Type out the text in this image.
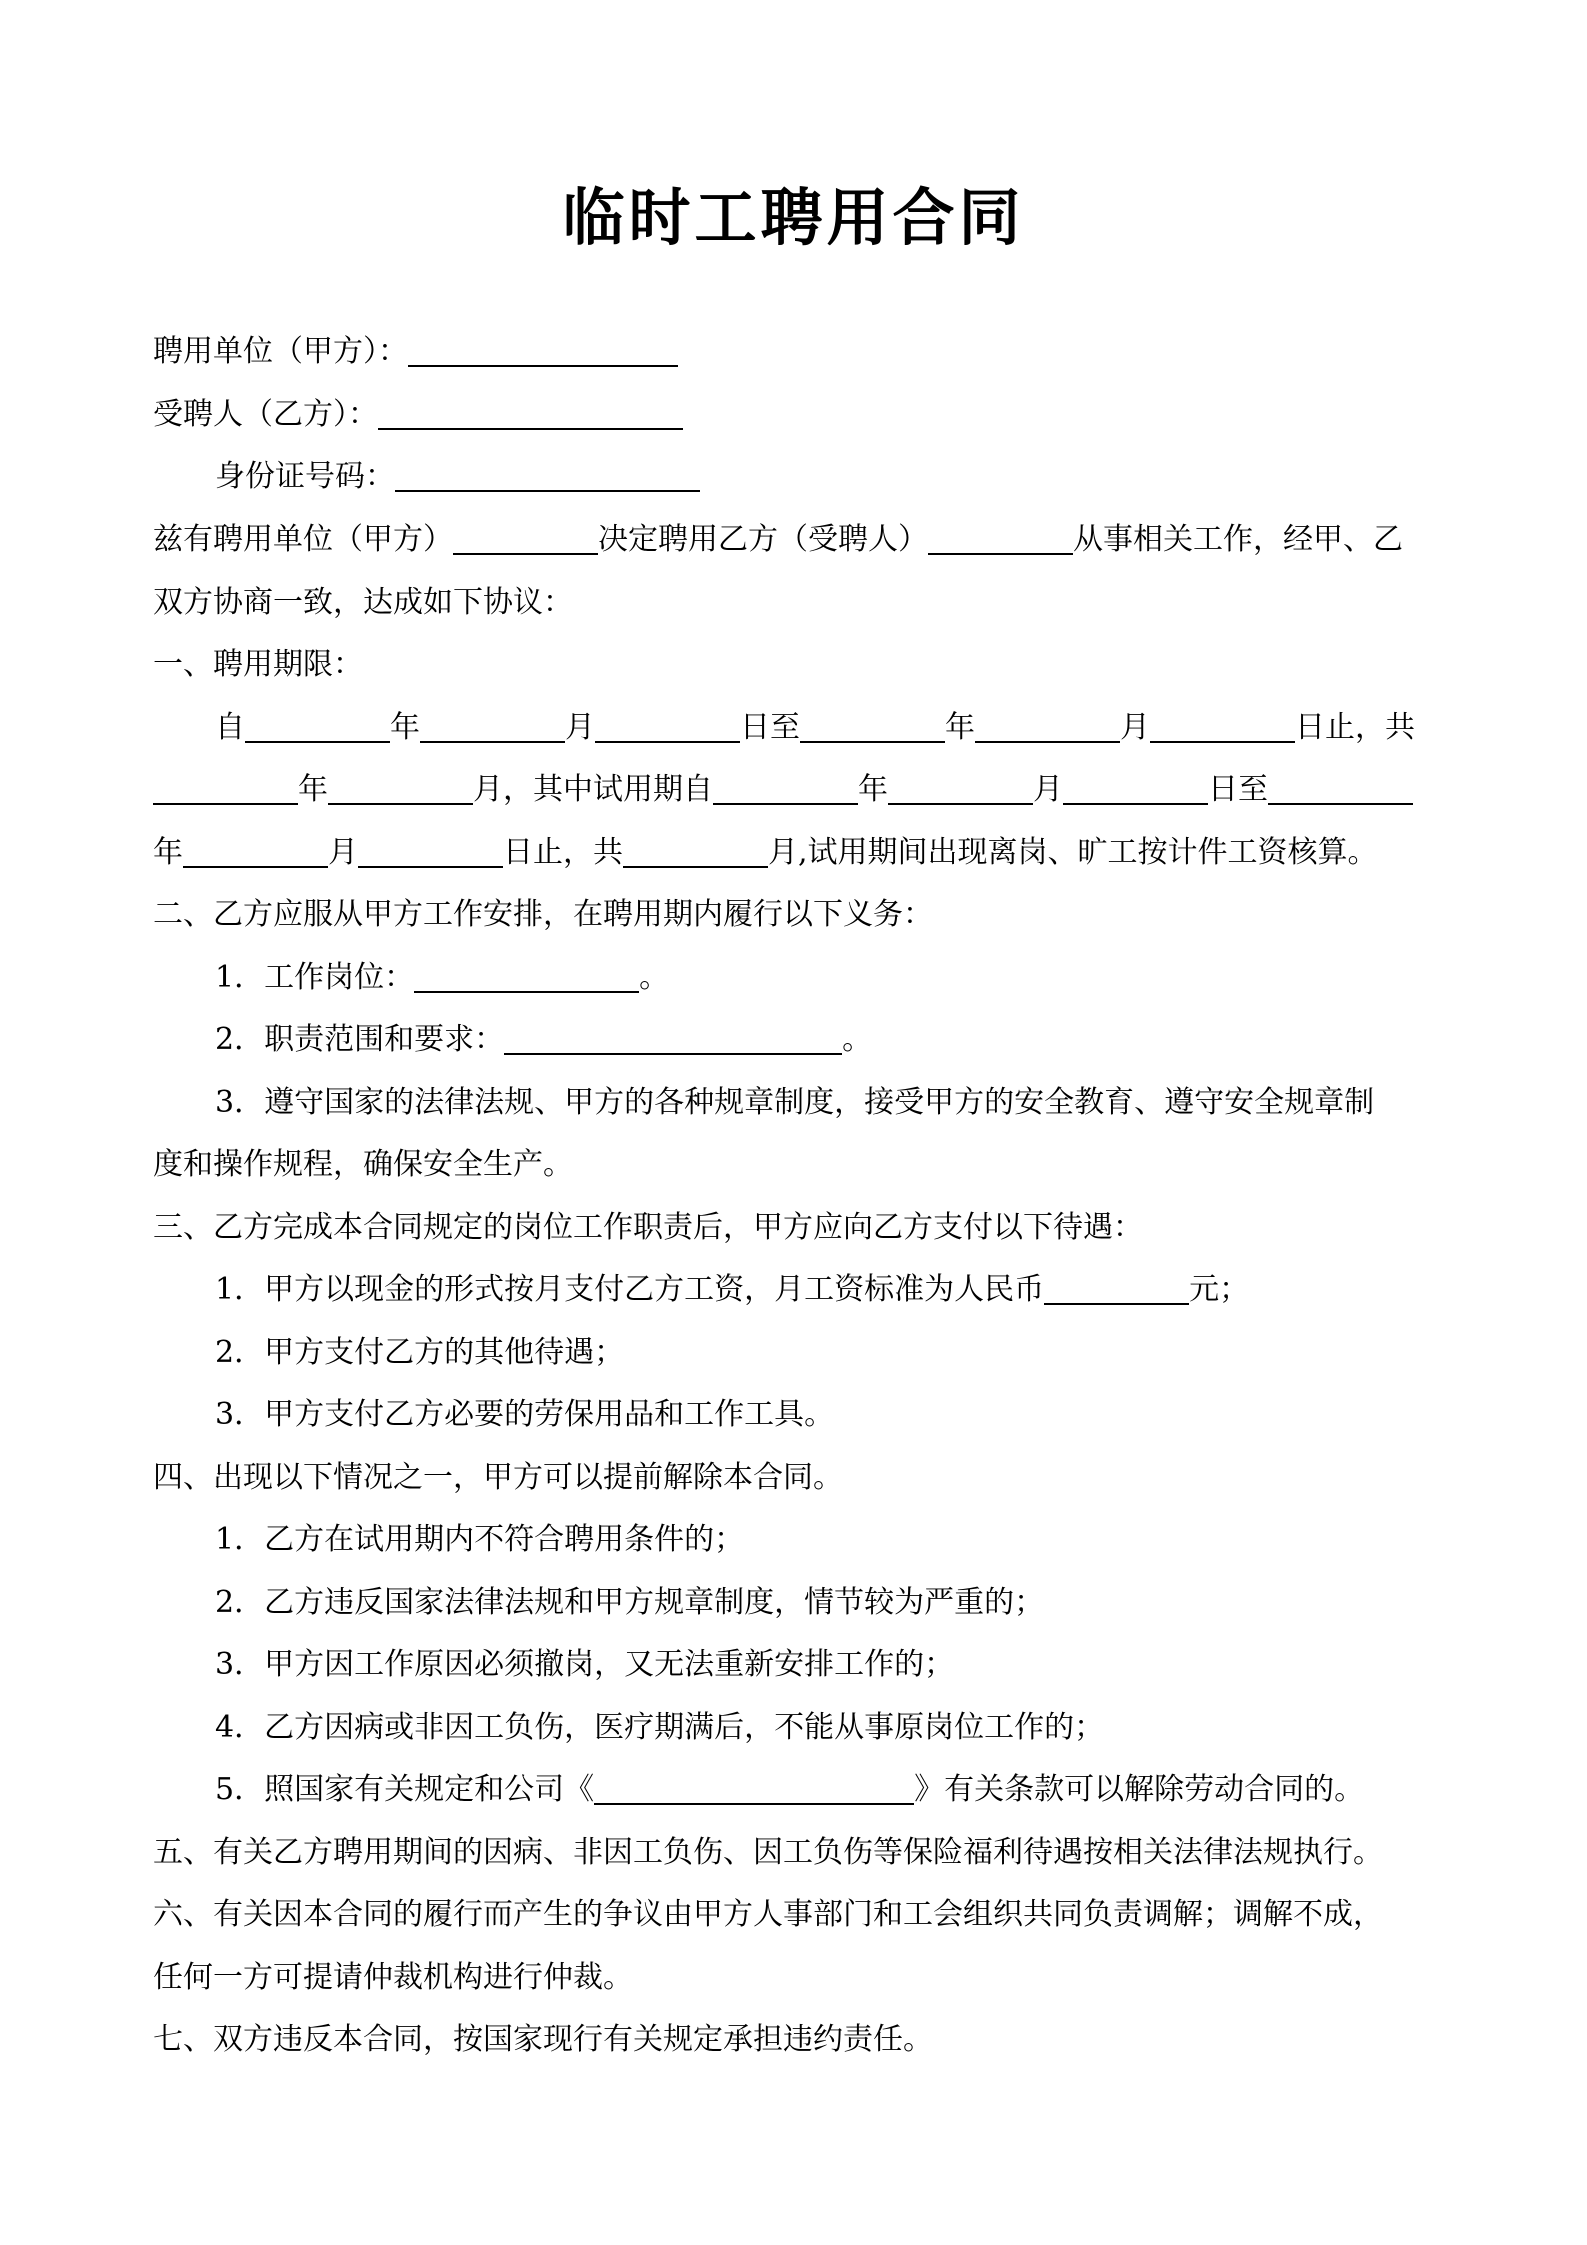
临时工聘用合同
聘用单位（甲方）：
受聘人（乙方）：
身份证号码：
兹有聘用单位（甲方）	决定聘用乙方（受聘人）	从事相关工作，经甲、乙
双方协商一致，达成如下协议：
一、聘用期限：
自	年	月	日至	年	月	日止，共
年	月，其中试用期自	年	月	日至
年	月	日止，共	月,试用期间出现离岗、旷工按计件工资核算。
二、乙方应服从甲方工作安排，在聘用期内履行以下义务：
1．工作岗位：	。
2．职责范围和要求：	。
3．遵守国家的法律法规、甲方的各种规章制度，接受甲方的安全教育、遵守安全规章制
度和操作规程，确保安全生产。
三、乙方完成本合同规定的岗位工作职责后，甲方应向乙方支付以下待遇：
1．甲方以现金的形式按月支付乙方工资，月工资标准为人民币	元；
2．甲方支付乙方的其他待遇；
3．甲方支付乙方必要的劳保用品和工作工具。
四、出现以下情况之一，甲方可以提前解除本合同。
1．乙方在试用期内不符合聘用条件的；
2．乙方违反国家法律法规和甲方规章制度，情节较为严重的；
3．甲方因工作原因必须撤岗，又无法重新安排工作的；
4．乙方因病或非因工负伤，医疗期满后，不能从事原岗位工作的；
5．照国家有关规定和公司《	》有关条款可以解除劳动合同的。
五、有关乙方聘用期间的因病、非因工负伤、因工负伤等保险福利待遇按相关法律法规执行。
六、有关因本合同的履行而产生的争议由甲方人事部门和工会组织共同负责调解；调解不成，
任何一方可提请仲裁机构进行仲裁。
七、双方违反本合同，按国家现行有关规定承担违约责任。
